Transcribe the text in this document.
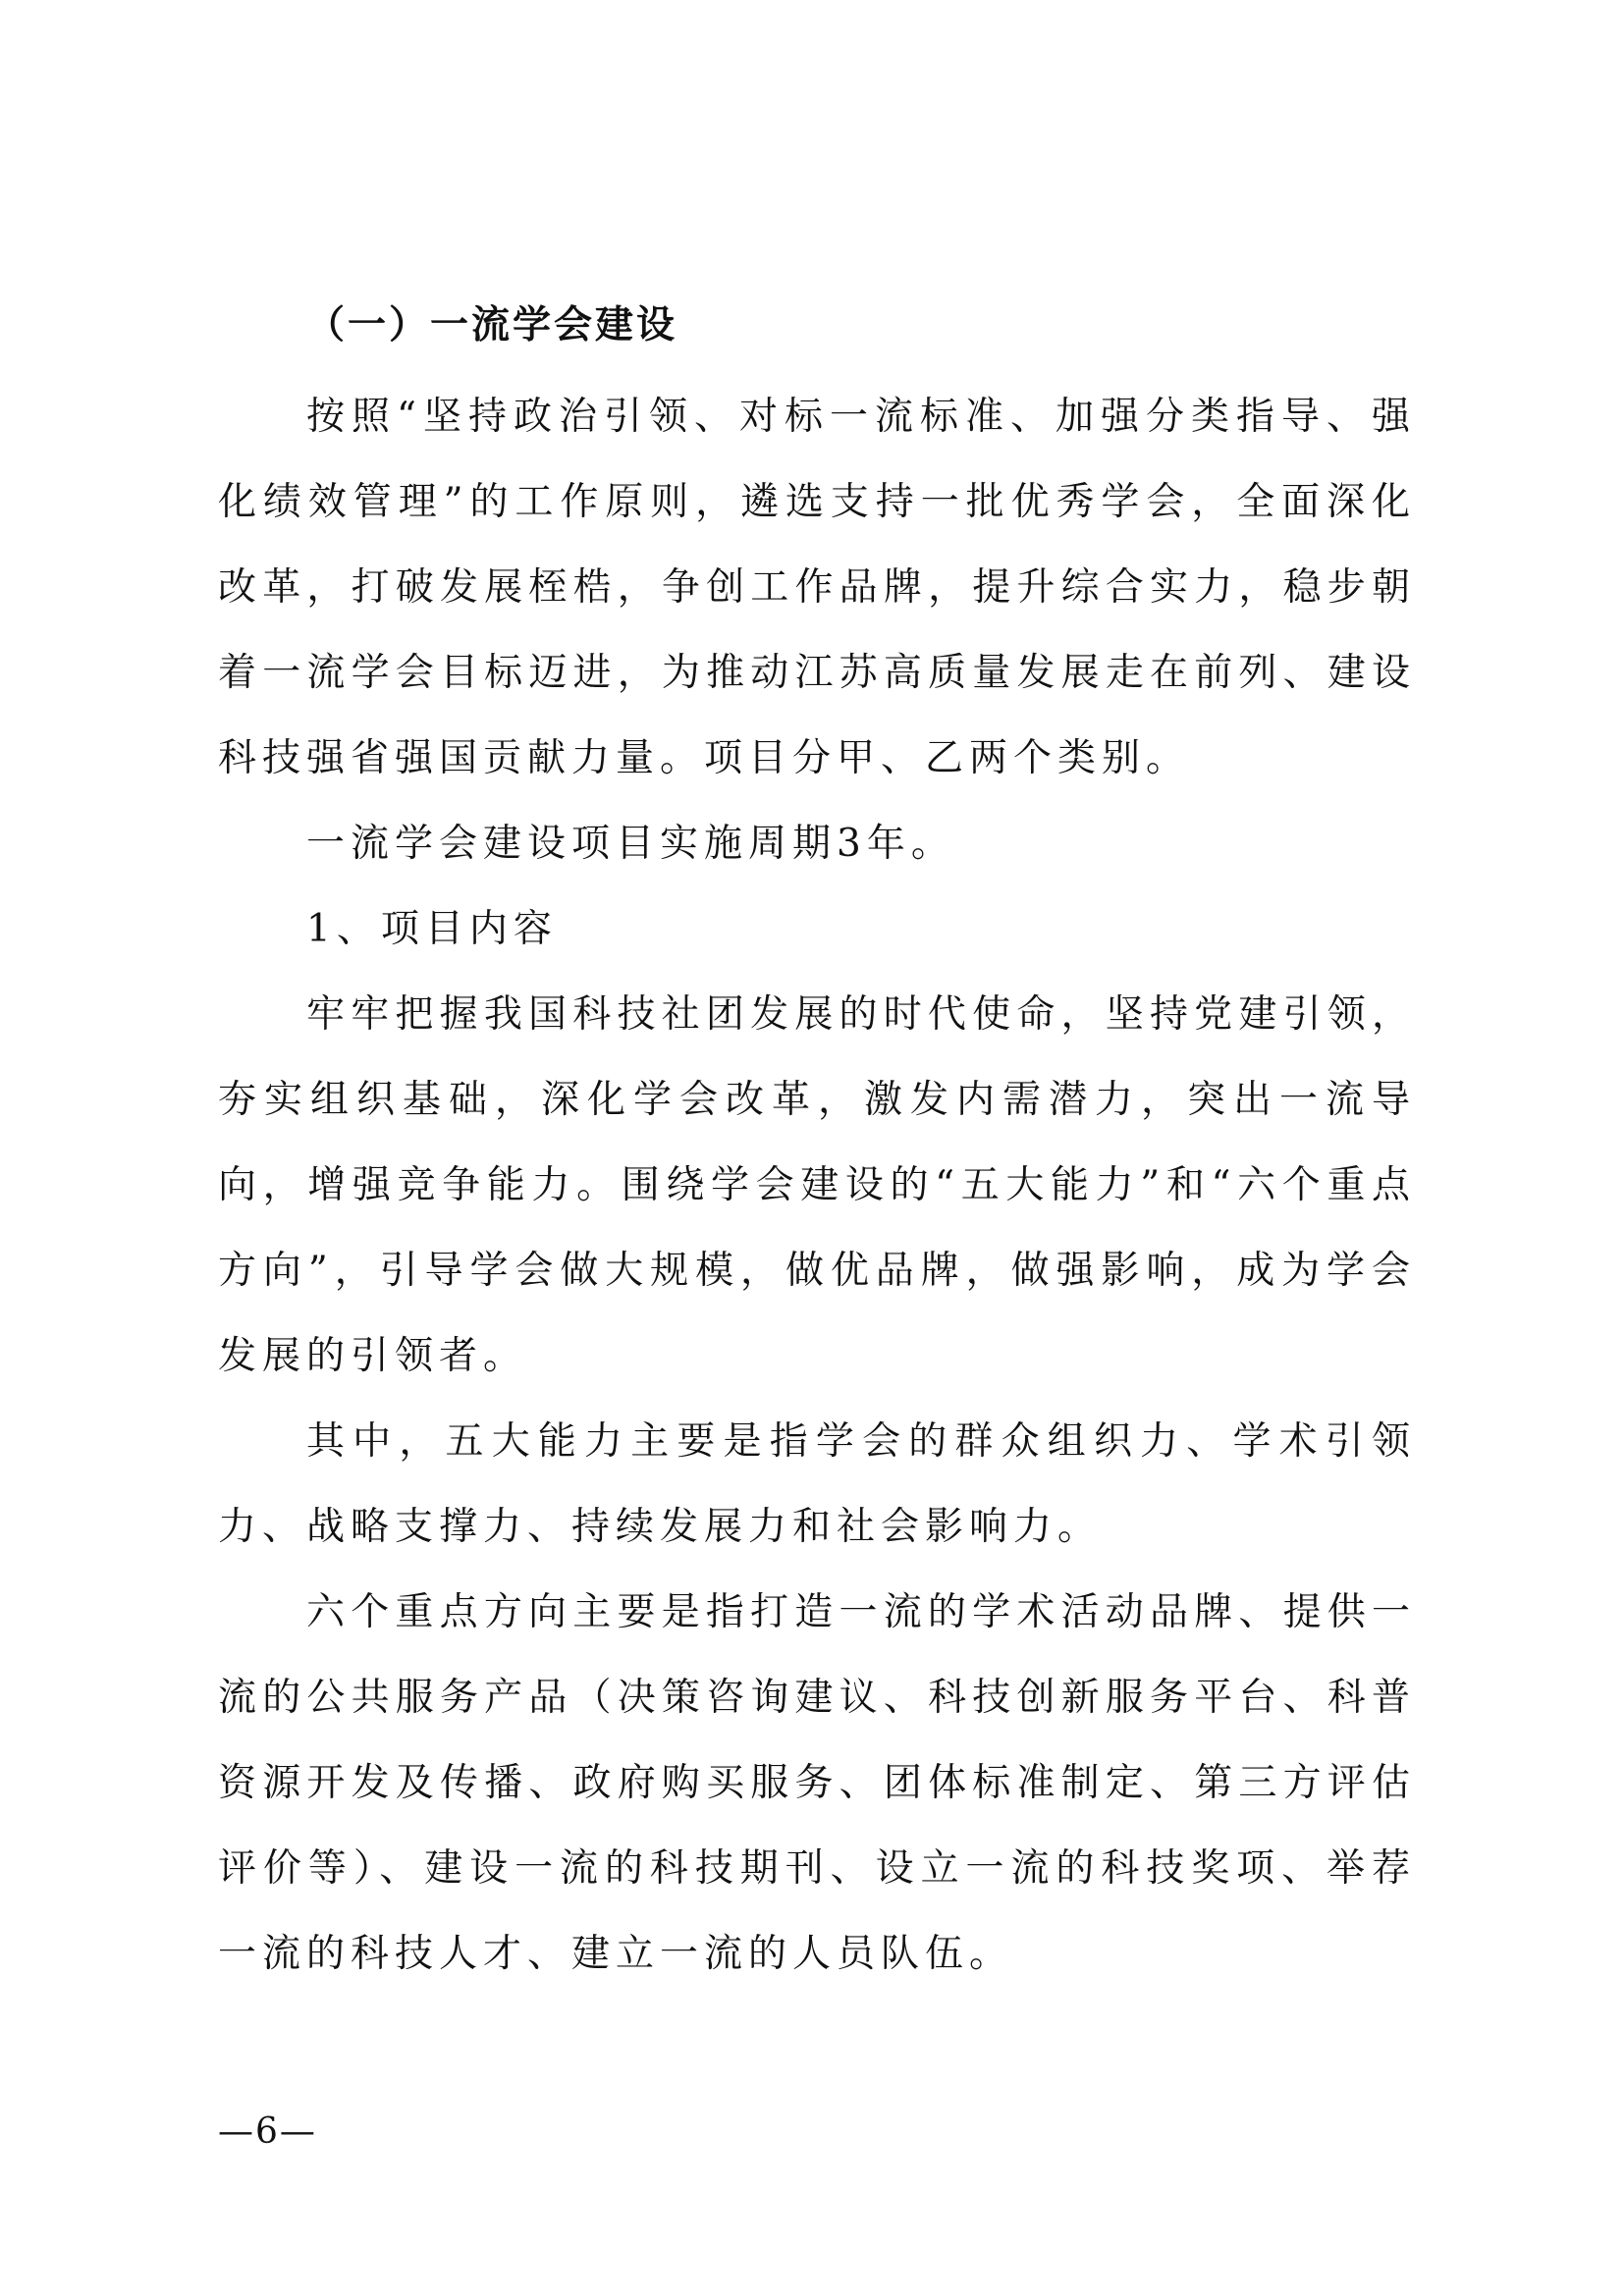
（一）一流学会建设

按照“坚持政治引领、对标一流标准、加强分类指导、强化绩效管理”的工作原则，遴选支持一批优秀学会，全面深化改革，打破发展桎梏，争创工作品牌，提升综合实力，稳步朝着一流学会目标迈进，为推动江苏高质量发展走在前列、建设科技强省强国贡献力量。项目分甲、乙两个类别。

一流学会建设项目实施周期3年。

1、项目内容

牢牢把握我国科技社团发展的时代使命，坚持党建引领，夯实组织基础，深化学会改革，激发内需潜力，突出一流导向，增强竞争能力。围绕学会建设的“五大能力”和“六个重点方向”，引导学会做大规模，做优品牌，做强影响，成为学会发展的引领者。

其中，五大能力主要是指学会的群众组织力、学术引领力、战略支撑力、持续发展力和社会影响力。

六个重点方向主要是指打造一流的学术活动品牌、提供一流的公共服务产品（决策咨询建议、科技创新服务平台、科普资源开发及传播、政府购买服务、团体标准制定、第三方评估评价等）、建设一流的科技期刊、设立一流的科技奖项、举荐一流的科技人才、建立一流的人员队伍。

—6—
